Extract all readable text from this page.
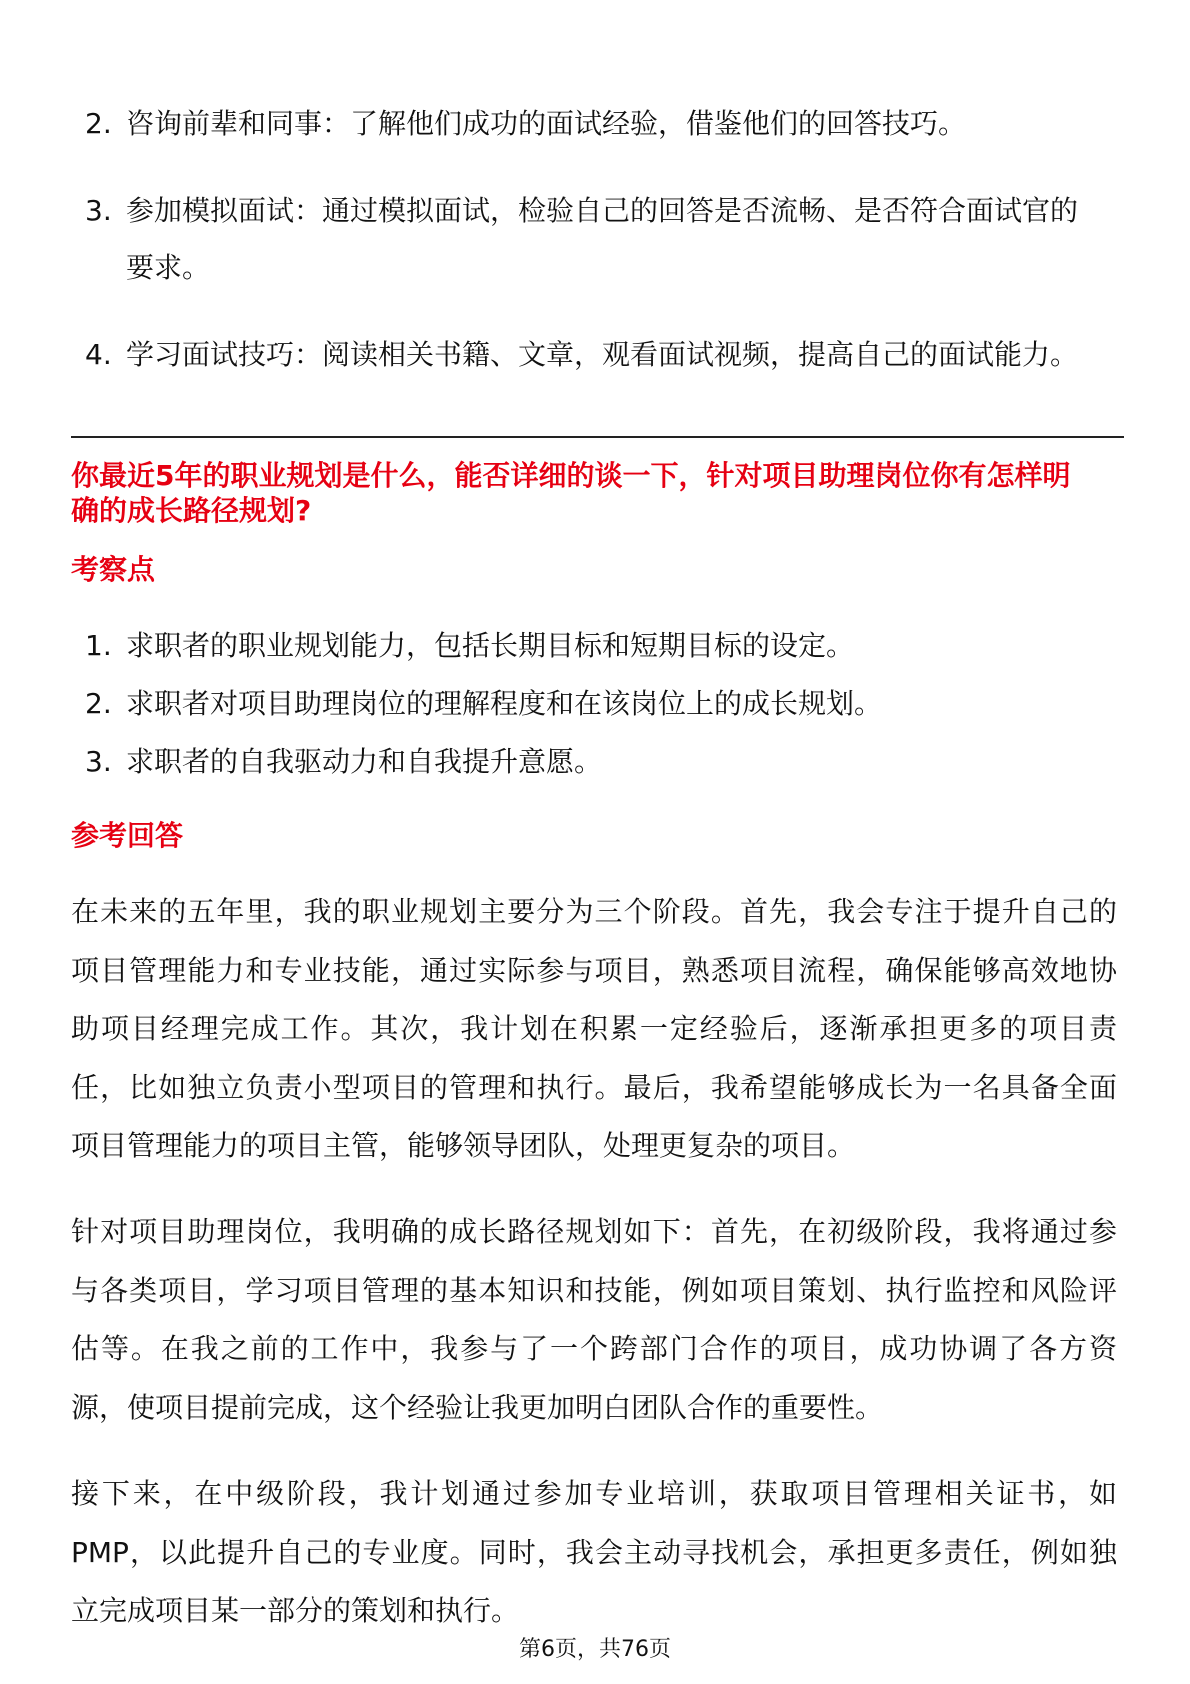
2. 咨询前辈和同事：了解他们成功的面试经验，借鉴他们的回答技巧。
3. 参加模拟面试：通过模拟面试，检验自己的回答是否流畅、是否符合面试官的
要求。
4. 学习面试技巧：阅读相关书籍、文章，观看面试视频，提高自己的面试能力。
你最近5年的职业规划是什么，能否详细的谈一下，针对项目助理岗位你有怎样明
确的成长路径规划?
考察点
1. 求职者的职业规划能力，包括长期目标和短期目标的设定。
2. 求职者对项目助理岗位的理解程度和在该岗位上的成长规划。
3. 求职者的自我驱动力和自我提升意愿。
参考回答
在未来的五年里，我的职业规划主要分为三个阶段。首先，我会专注于提升自己的
项目管理能力和专业技能，通过实际参与项目，熟悉项目流程，确保能够高效地协
助项目经理完成工作。其次，我计划在积累一定经验后，逐渐承担更多的项目责
任，比如独立负责小型项目的管理和执行。最后，我希望能够成长为一名具备全面
项目管理能力的项目主管，能够领导团队，处理更复杂的项目。
针对项目助理岗位，我明确的成长路径规划如下：首先，在初级阶段，我将通过参
与各类项目，学习项目管理的基本知识和技能，例如项目策划、执行监控和风险评
估等。在我之前的工作中，我参与了一个跨部门合作的项目，成功协调了各方资
源，使项目提前完成，这个经验让我更加明白团队合作的重要性。
接下来，在中级阶段，我计划通过参加专业培训，获取项目管理相关证书，如
PMP，以此提升自己的专业度。同时，我会主动寻找机会，承担更多责任，例如独
立完成项目某一部分的策划和执行。
第6页，共76页
